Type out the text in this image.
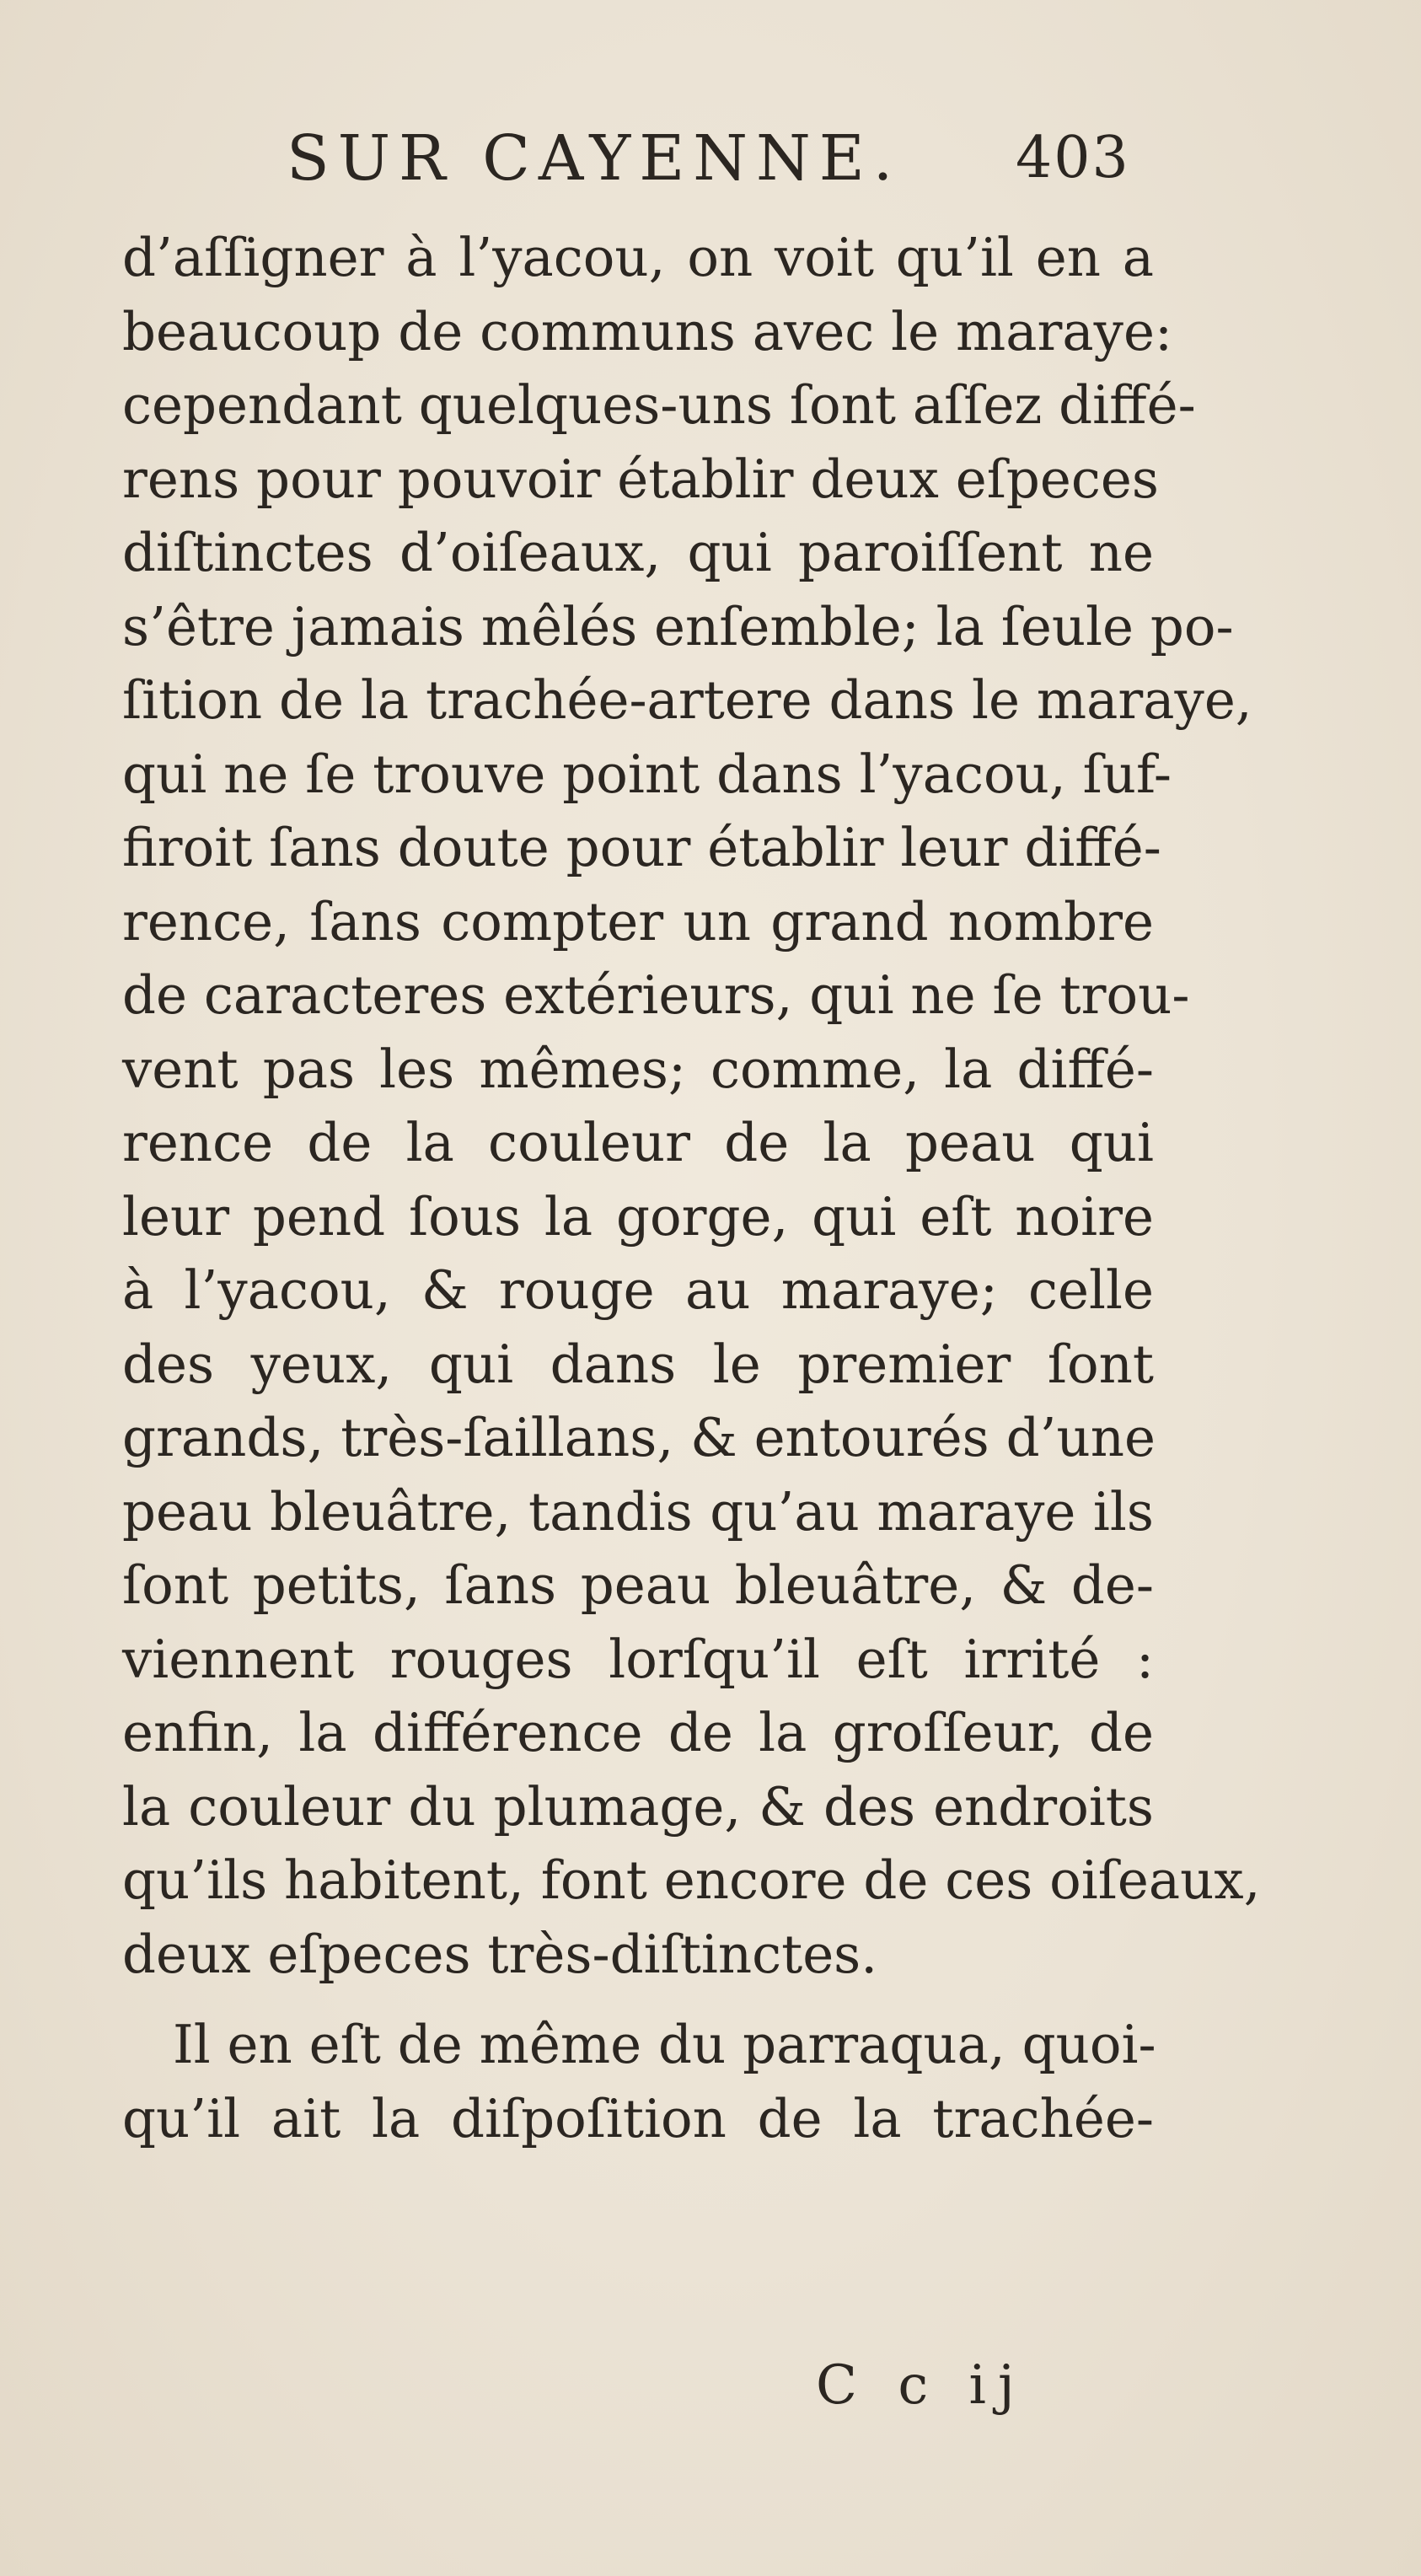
SUR CAYENNE. 403
d’aſſigner à l’yacou, on voit qu’il en a
beaucoup de communs avec le maraye:
cependant quelques-uns ſont aſſez diffé-
rens pour pouvoir établir deux eſpeces
diſtinctes d’oiſeaux, qui paroiſſent ne
s’être jamais mêlés enſemble; la ſeule po-
ſition de la trachée-artere dans le maraye,
qui ne ſe trouve point dans l’yacou, ſuf-
firoit ſans doute pour établir leur diffé-
rence, ſans compter un grand nombre
de caracteres extérieurs, qui ne ſe trou-
vent pas les mêmes; comme, la diffé-
rence de la couleur de la peau qui
leur pend ſous la gorge, qui eſt noire
à l’yacou, & rouge au maraye; celle
des yeux, qui dans le premier ſont
grands, très-ſaillans, & entourés d’une
peau bleuâtre, tandis qu’au maraye ils
ſont petits, ſans peau bleuâtre, & de-
viennent rouges lorſqu’il eſt irrité :
enfin, la différence de la groſſeur, de
la couleur du plumage, & des endroits
qu’ils habitent, font encore de ces oiſeaux,
deux eſpeces très-diſtinctes.
Il en eſt de même du parraqua, quoi-
qu’il ait la diſpoſition de la trachée-
C c ij
